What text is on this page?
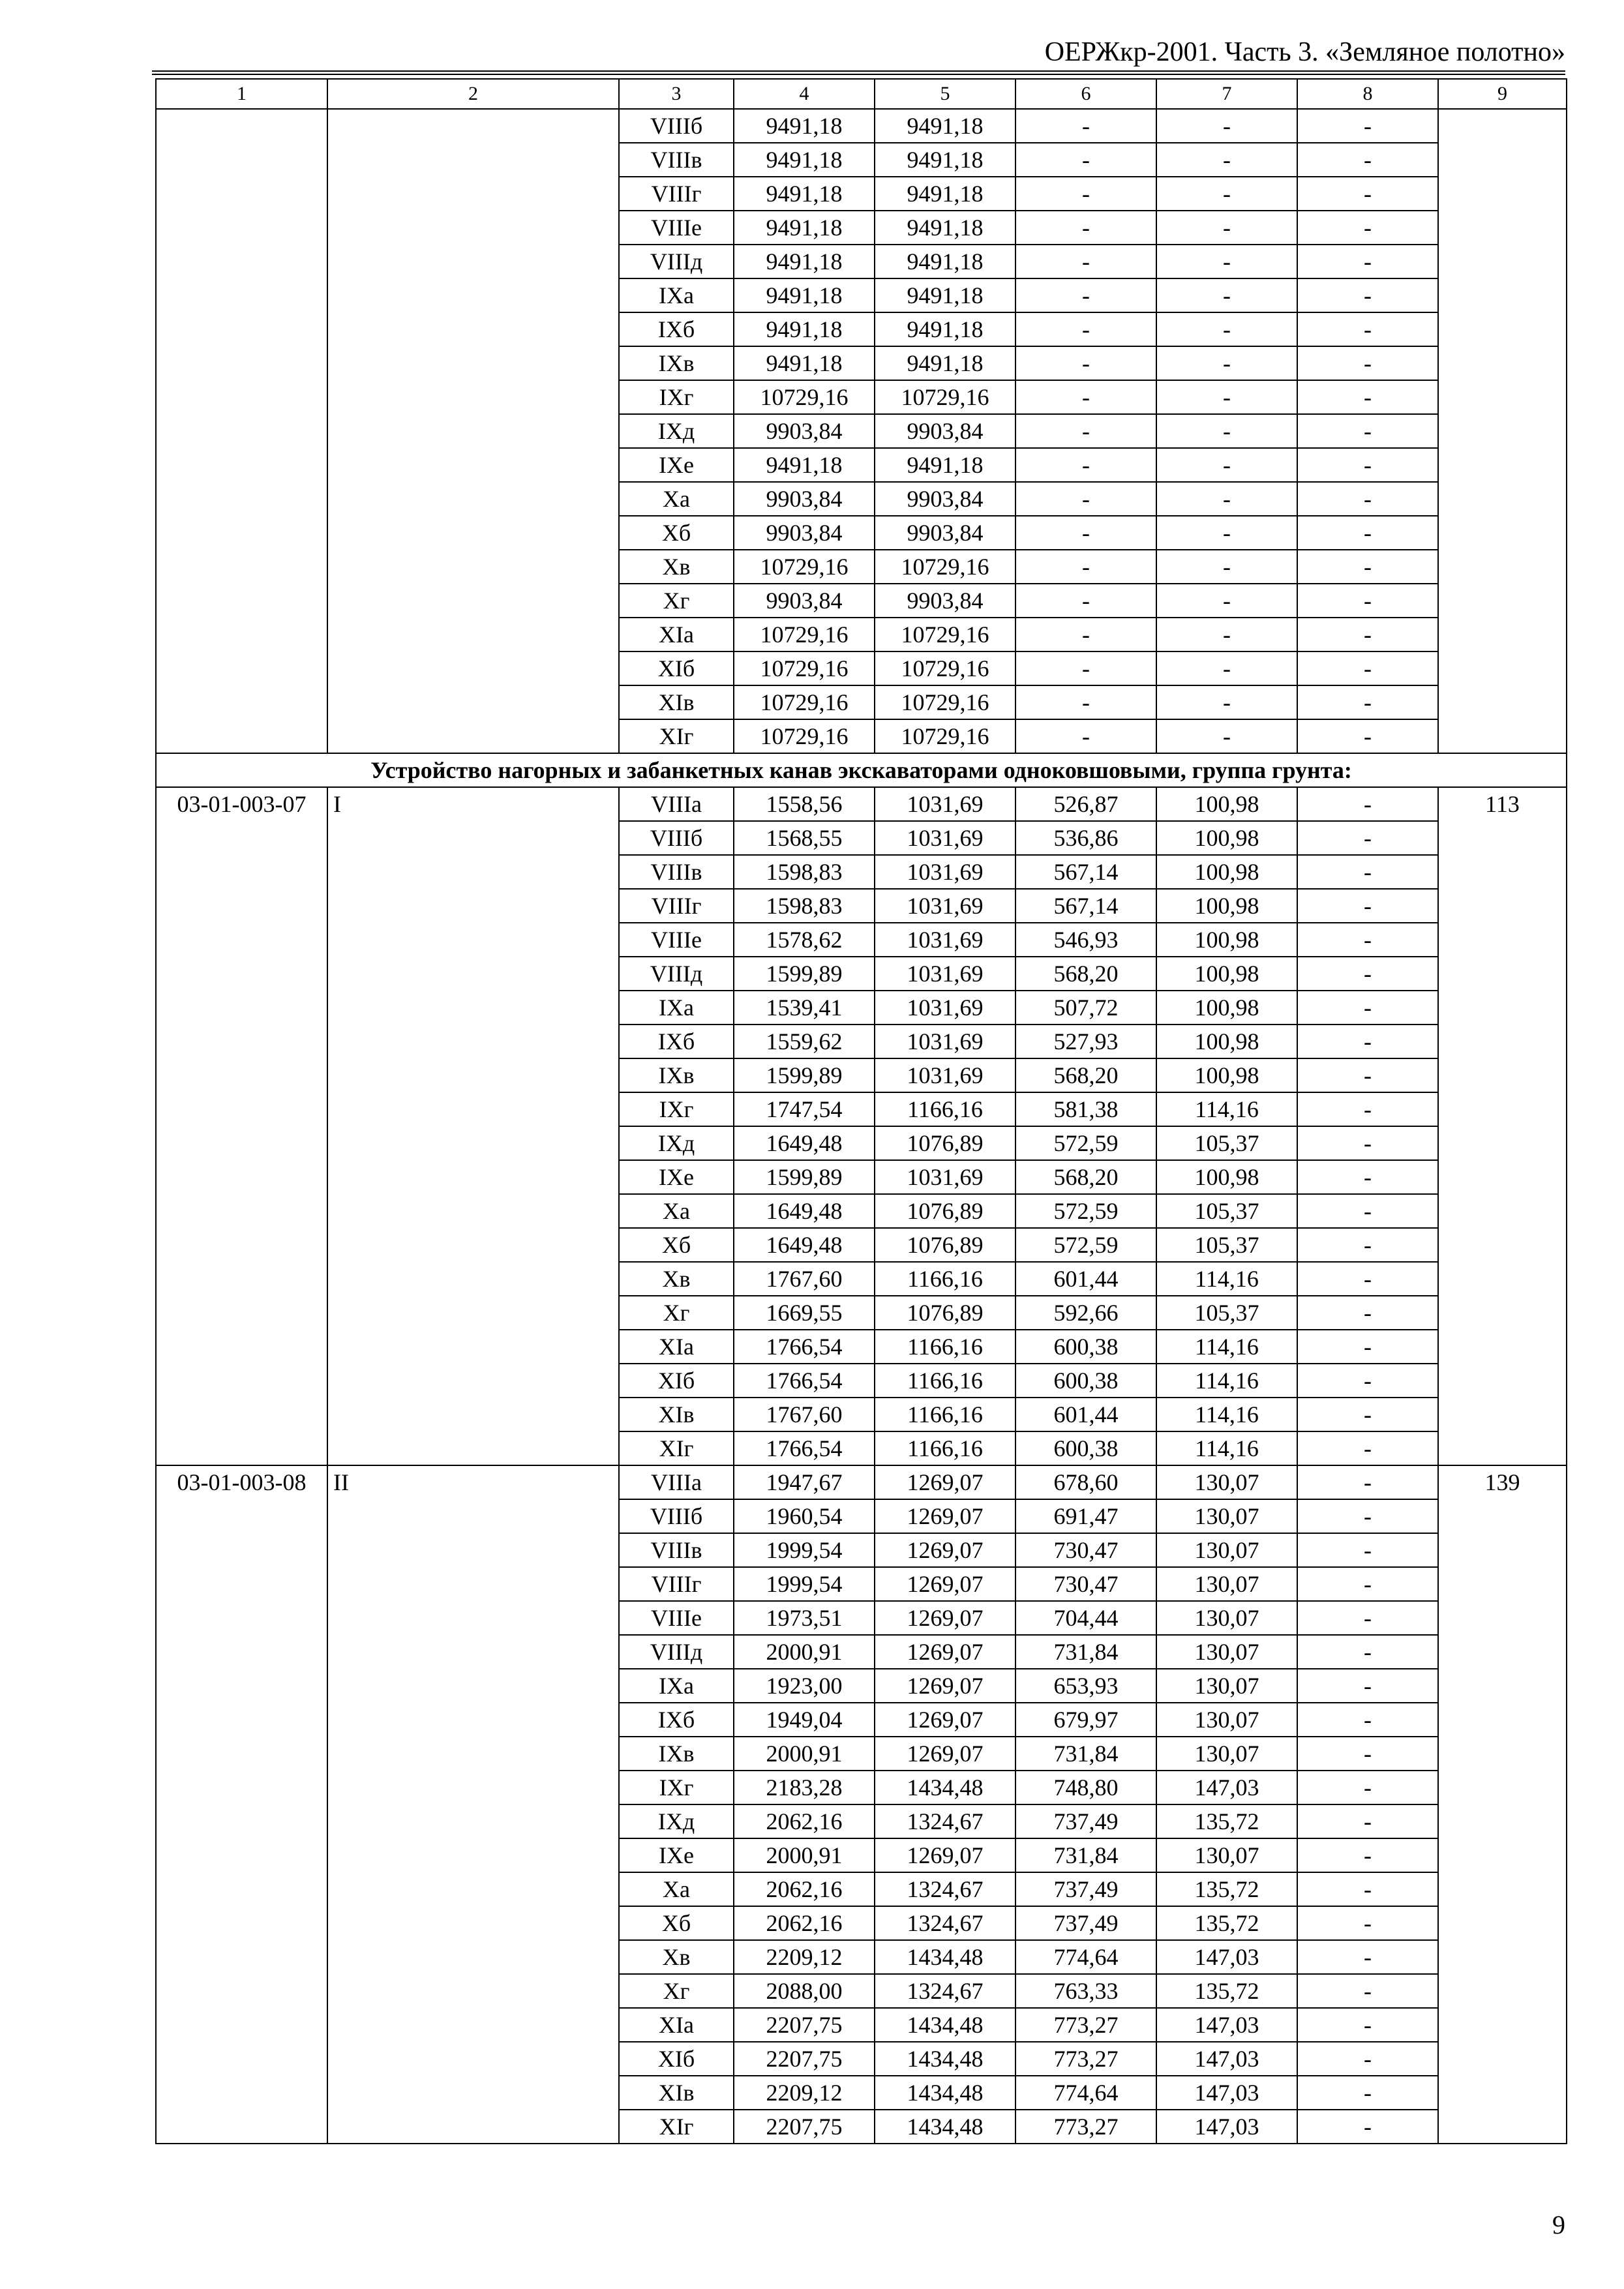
ОЕРЖкр-2001. Часть 3. «Земляное полотно»
1	2	3	4	5	6	7	8	9
		VIIIб	9491,18	9491,18	-	-	-	
		VIIIв	9491,18	9491,18	-	-	-	
		VIIIг	9491,18	9491,18	-	-	-	
		VIIIе	9491,18	9491,18	-	-	-	
		VIIIд	9491,18	9491,18	-	-	-	
		IXа	9491,18	9491,18	-	-	-	
		IXб	9491,18	9491,18	-	-	-	
		IXв	9491,18	9491,18	-	-	-	
		IXг	10729,16	10729,16	-	-	-	
		IXд	9903,84	9903,84	-	-	-	
		IXе	9491,18	9491,18	-	-	-	
		Xа	9903,84	9903,84	-	-	-	
		Xб	9903,84	9903,84	-	-	-	
		Xв	10729,16	10729,16	-	-	-	
		Xг	9903,84	9903,84	-	-	-	
		XIа	10729,16	10729,16	-	-	-	
		XIб	10729,16	10729,16	-	-	-	
		XIв	10729,16	10729,16	-	-	-	
		XIг	10729,16	10729,16	-	-	-	
Устройство нагорных и забанкетных канав экскаваторами одноковшовыми, группа грунта:								
03-01-003-07	I	VIIIа	1558,56	1031,69	526,87	100,98	-	113
		VIIIб	1568,55	1031,69	536,86	100,98	-	
		VIIIв	1598,83	1031,69	567,14	100,98	-	
		VIIIг	1598,83	1031,69	567,14	100,98	-	
		VIIIе	1578,62	1031,69	546,93	100,98	-	
		VIIIд	1599,89	1031,69	568,20	100,98	-	
		IXа	1539,41	1031,69	507,72	100,98	-	
		IXб	1559,62	1031,69	527,93	100,98	-	
		IXв	1599,89	1031,69	568,20	100,98	-	
		IXг	1747,54	1166,16	581,38	114,16	-	
		IXд	1649,48	1076,89	572,59	105,37	-	
		IXе	1599,89	1031,69	568,20	100,98	-	
		Xа	1649,48	1076,89	572,59	105,37	-	
		Xб	1649,48	1076,89	572,59	105,37	-	
		Xв	1767,60	1166,16	601,44	114,16	-	
		Xг	1669,55	1076,89	592,66	105,37	-	
		XIа	1766,54	1166,16	600,38	114,16	-	
		XIб	1766,54	1166,16	600,38	114,16	-	
		XIв	1767,60	1166,16	601,44	114,16	-	
		XIг	1766,54	1166,16	600,38	114,16	-	
03-01-003-08	II	VIIIа	1947,67	1269,07	678,60	130,07	-	139
		VIIIб	1960,54	1269,07	691,47	130,07	-	
		VIIIв	1999,54	1269,07	730,47	130,07	-	
		VIIIг	1999,54	1269,07	730,47	130,07	-	
		VIIIе	1973,51	1269,07	704,44	130,07	-	
		VIIIд	2000,91	1269,07	731,84	130,07	-	
		IXа	1923,00	1269,07	653,93	130,07	-	
		IXб	1949,04	1269,07	679,97	130,07	-	
		IXв	2000,91	1269,07	731,84	130,07	-	
		IXг	2183,28	1434,48	748,80	147,03	-	
		IXд	2062,16	1324,67	737,49	135,72	-	
		IXе	2000,91	1269,07	731,84	130,07	-	
		Xа	2062,16	1324,67	737,49	135,72	-	
		Xб	2062,16	1324,67	737,49	135,72	-	
		Xв	2209,12	1434,48	774,64	147,03	-	
		Xг	2088,00	1324,67	763,33	135,72	-	
		XIа	2207,75	1434,48	773,27	147,03	-	
		XIб	2207,75	1434,48	773,27	147,03	-	
		XIв	2209,12	1434,48	774,64	147,03	-	
		XIг	2207,75	1434,48	773,27	147,03	-	
9
